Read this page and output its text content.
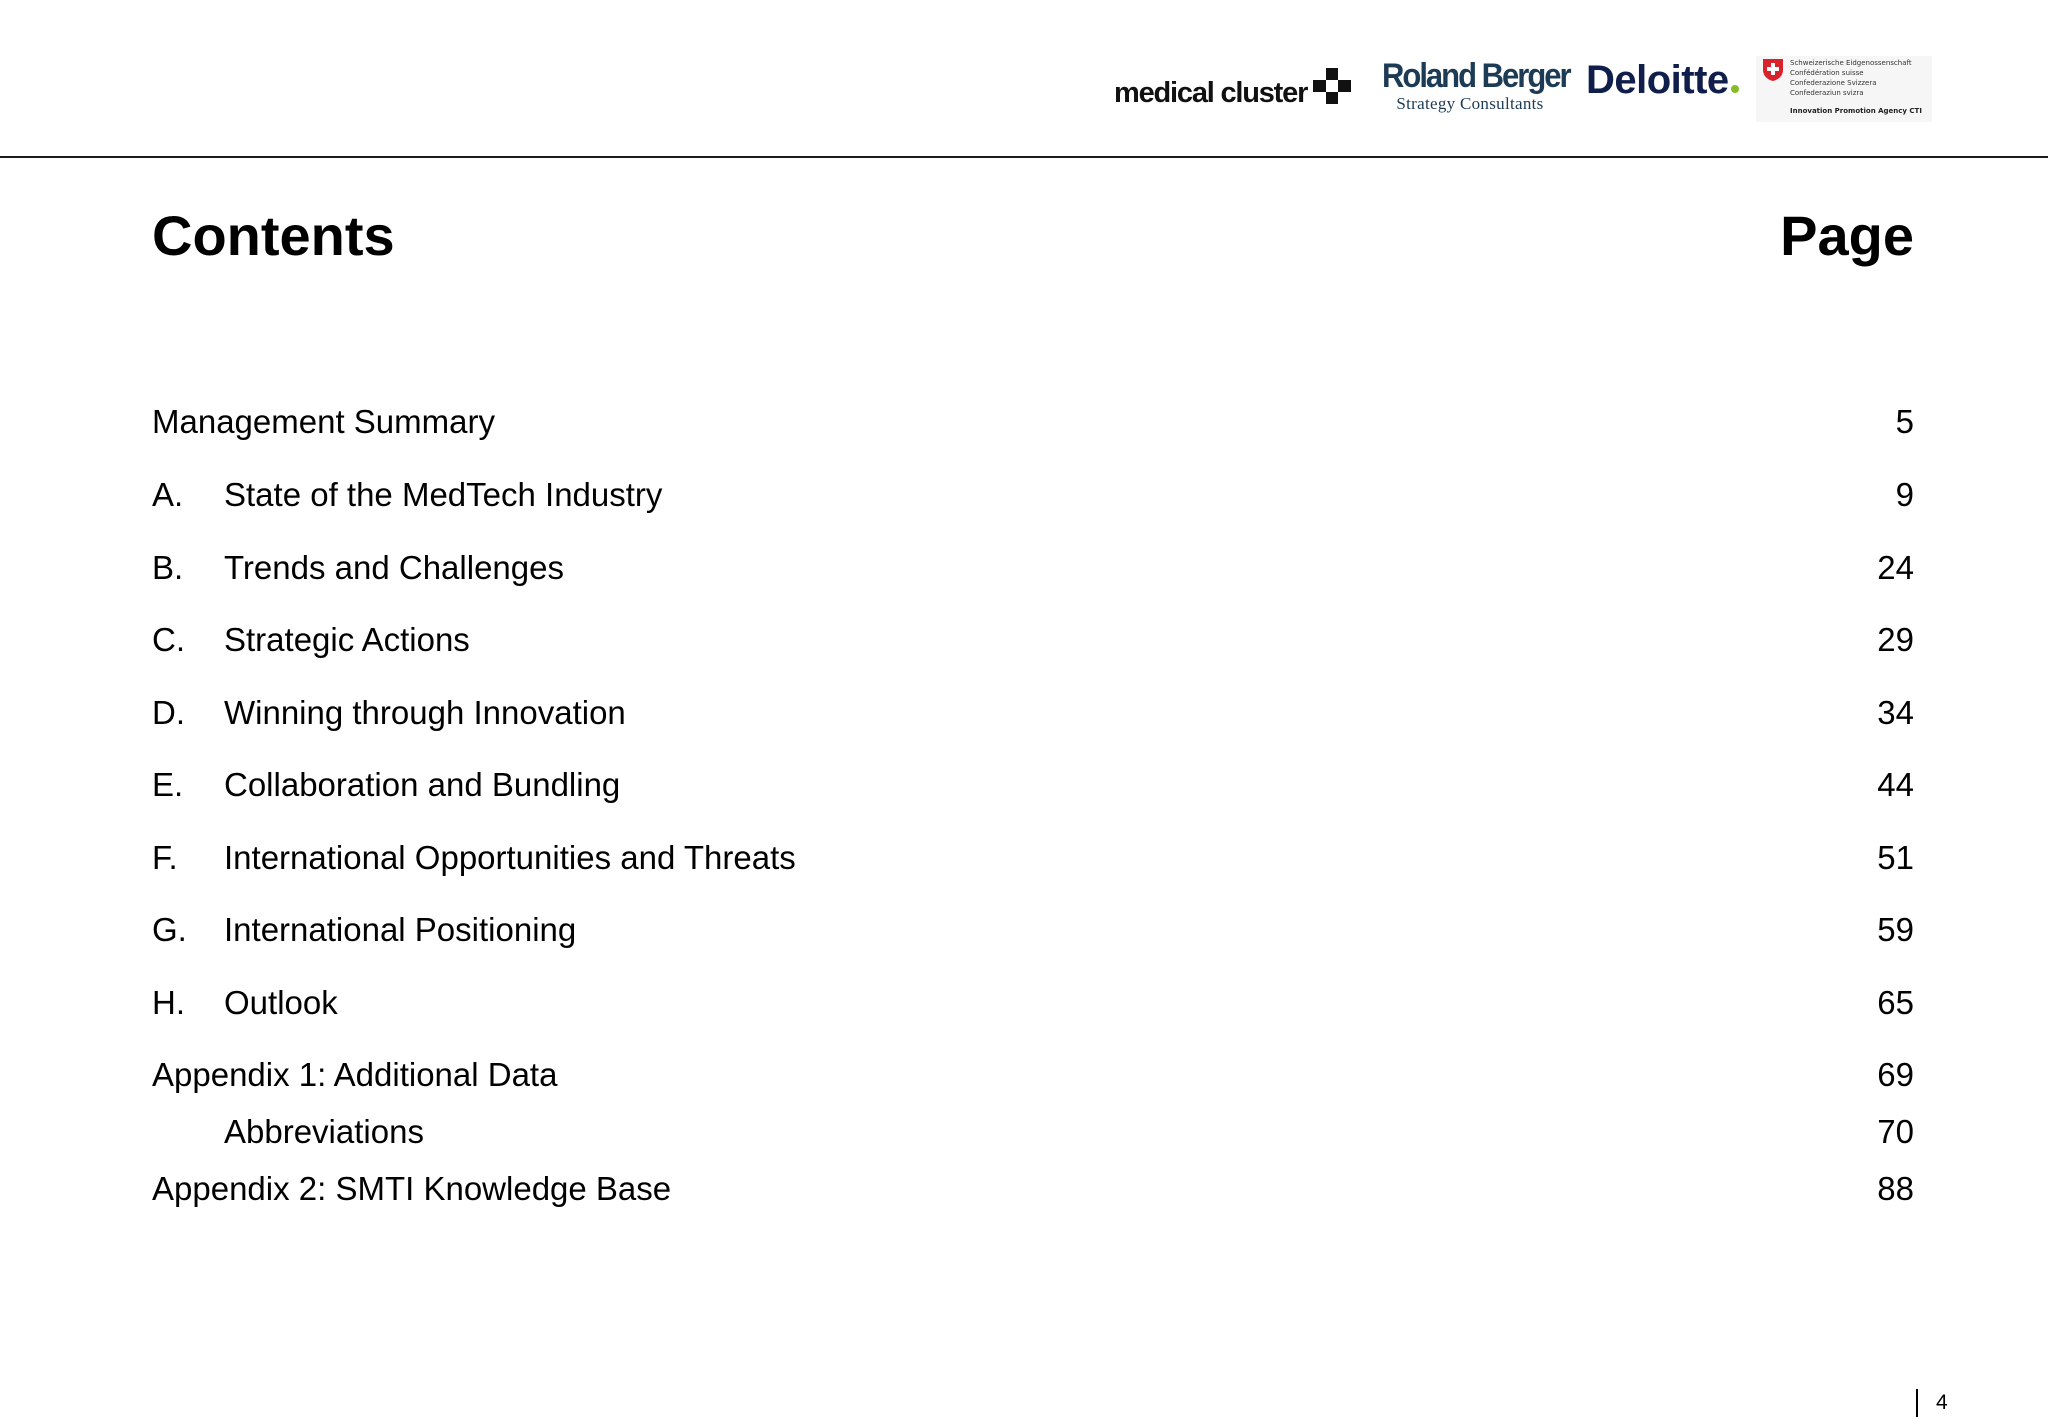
medical cluster Roland Berger
Strategy Consultants
Deloitte	Schweizerische Eidgenossenschaft
Confédération suisse
Confederazione Svizzera
Confederaziun svizra
Innovation Promotion Agency CTI
Contents	Page
Management Summary	5
A. State of the MedTech Industry	9
B. Trends and Challenges	24
C. Strategic Actions	29
D. Winning through Innovation	34
E. Collaboration and Bundling	44
F. International Opportunities and Threats	51
G. International Positioning	59
H. Outlook	65
Appendix 1: Additional Data	69
Abbreviations	70
Appendix 2: SMTI Knowledge Base	88
4
